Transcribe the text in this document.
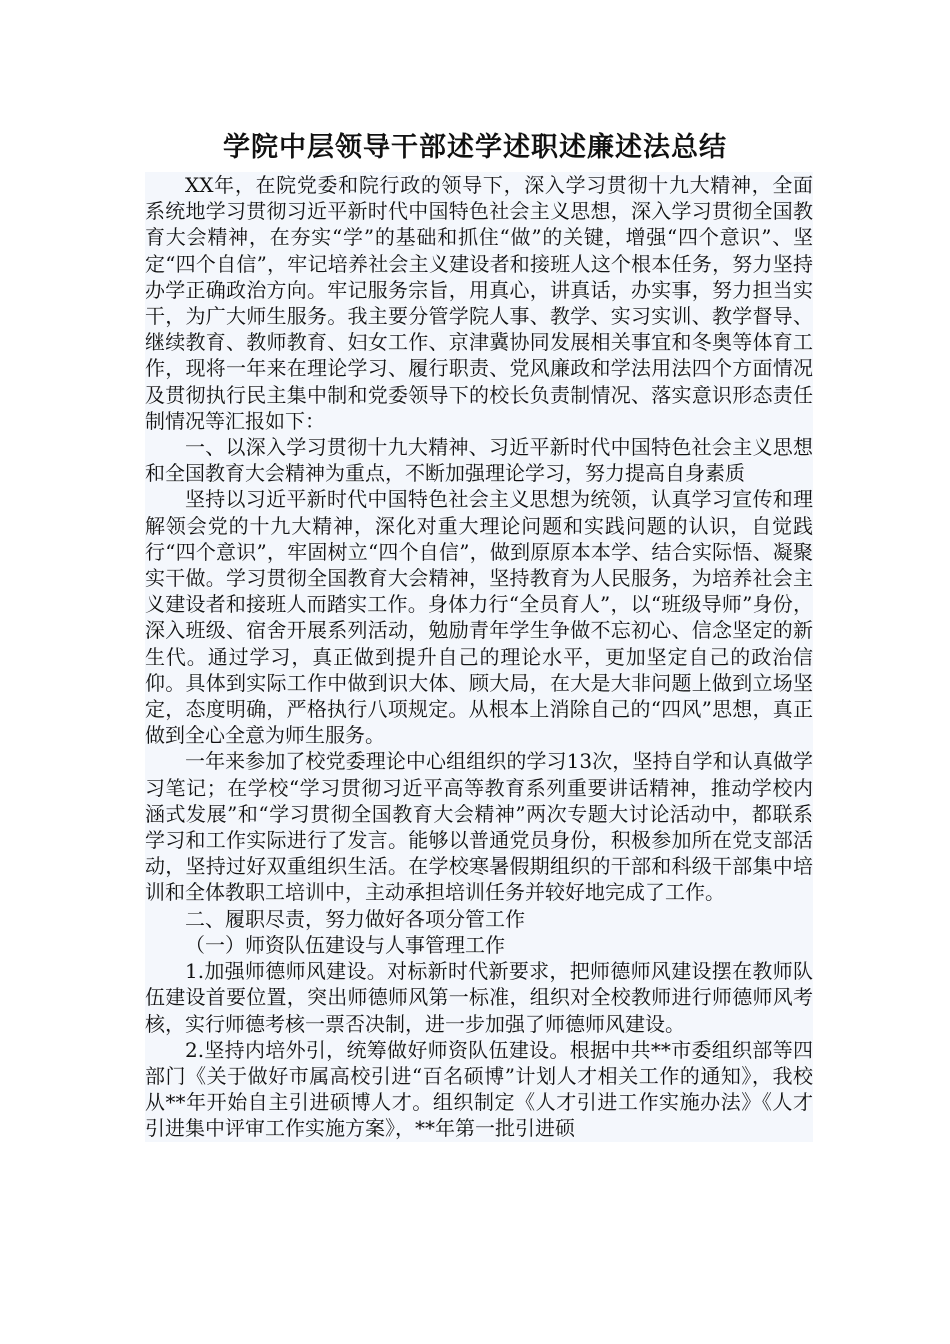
学院中层领导干部述学述职述廉述法总结

XX年，在院党委和院行政的领导下，深入学习贯彻十九大精神，全面系统地学习贯彻习近平新时代中国特色社会主义思想，深入学习贯彻全国教育大会精神，在夯实“学”的基础和抓住“做”的关键，增强“四个意识”、坚定“四个自信”，牢记培养社会主义建设者和接班人这个根本任务，努力坚持办学正确政治方向。牢记服务宗旨，用真心，讲真话，办实事，努力担当实干，为广大师生服务。我主要分管学院人事、教学、实习实训、教学督导、继续教育、教师教育、妇女工作、京津冀协同发展相关事宜和冬奥等体育工作，现将一年来在理论学习、履行职责、党风廉政和学法用法四个方面情况及贯彻执行民主集中制和党委领导下的校长负责制情况、落实意识形态责任制情况等汇报如下：

一、以深入学习贯彻十九大精神、习近平新时代中国特色社会主义思想和全国教育大会精神为重点，不断加强理论学习，努力提高自身素质

坚持以习近平新时代中国特色社会主义思想为统领，认真学习宣传和理解领会党的十九大精神，深化对重大理论问题和实践问题的认识，自觉践行“四个意识”，牢固树立“四个自信”，做到原原本本学、结合实际悟、凝聚实干做。学习贯彻全国教育大会精神，坚持教育为人民服务，为培养社会主义建设者和接班人而踏实工作。身体力行“全员育人”，以“班级导师”身份，深入班级、宿舍开展系列活动，勉励青年学生争做不忘初心、信念坚定的新生代。通过学习，真正做到提升自己的理论水平，更加坚定自己的政治信仰。具体到实际工作中做到识大体、顾大局，在大是大非问题上做到立场坚定，态度明确，严格执行八项规定。从根本上消除自己的“四风”思想，真正做到全心全意为师生服务。

一年来参加了校党委理论中心组组织的学习13次，坚持自学和认真做学习笔记；在学校“学习贯彻习近平高等教育系列重要讲话精神，推动学校内涵式发展”和“学习贯彻全国教育大会精神”两次专题大讨论活动中，都联系学习和工作实际进行了发言。能够以普通党员身份，积极参加所在党支部活动，坚持过好双重组织生活。在学校寒暑假期组织的干部和科级干部集中培训和全体教职工培训中，主动承担培训任务并较好地完成了工作。

二、履职尽责，努力做好各项分管工作

（一）师资队伍建设与人事管理工作

1.加强师德师风建设。对标新时代新要求，把师德师风建设摆在教师队伍建设首要位置，突出师德师风第一标准，组织对全校教师进行师德师风考核，实行师德考核一票否决制，进一步加强了师德师风建设。

2.坚持内培外引，统筹做好师资队伍建设。根据中共**市委组织部等四部门《关于做好市属高校引进“百名硕博”计划人才相关工作的通知》，我校从**年开始自主引进硕博人才。组织制定《人才引进工作实施办法》《人才引进集中评审工作实施方案》，**年第一批引进硕
